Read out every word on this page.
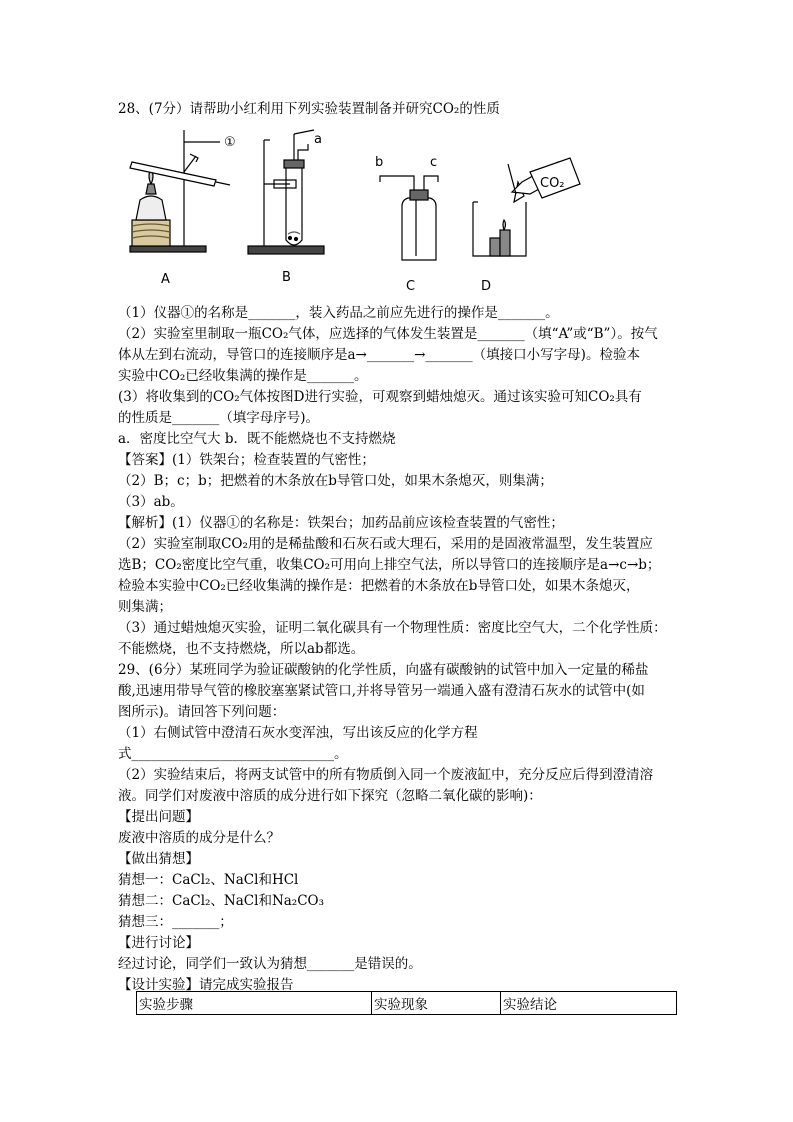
28、(7分）请帮助小红利用下列实验装置制备并研究CO₂的性质
①	a
b	c
CO₂
A	B
C	D
（1）仪器①的名称是_______，装入药品之前应先进行的操作是_______。
（2）实验室里制取一瓶CO₂气体，应选择的气体发生装置是_______（填“A”或“B”）。按气
体从左到右流动，导管口的连接顺序是a→_______→_______（填接口小写字母)。检验本
实验中CO₂已经收集满的操作是_______。
(3）将收集到的CO₂气体按图D进行实验，可观察到蜡烛熄灭。通过该实验可知CO₂具有
的性质是_______（填字母序号)。
a．密度比空气大 b．既不能燃烧也不支持燃烧
【答案】(1）铁架台；检查装置的气密性；
（2）B；c；b；把燃着的木条放在b导管口处，如果木条熄灭，则集满；
（3）ab。
【解析】(1）仪器①的名称是：铁架台；加药品前应该检查装置的气密性；
（2）实验室制取CO₂用的是稀盐酸和石灰石或大理石，采用的是固液常温型，发生装置应
选B；CO₂密度比空气重，收集CO₂可用向上排空气法，所以导管口的连接顺序是a→c→b；
检验本实验中CO₂已经收集满的操作是：把燃着的木条放在b导管口处，如果木条熄灭，
则集满；
（3）通过蜡烛熄灭实验，证明二氧化碳具有一个物理性质：密度比空气大，二个化学性质：
不能燃烧，也不支持燃烧，所以ab都选。
29、(6分）某班同学为验证碳酸钠的化学性质，向盛有碳酸钠的试管中加入一定量的稀盐
酸,迅速用带导气管的橡胶塞塞紧试管口,并将导管另一端通入盛有澄清石灰水的试管中(如
图所示)。请回答下列问题：
（1）右侧试管中澄清石灰水变浑浊，写出该反应的化学方程
式______________________________。
（2）实验结束后，将两支试管中的所有物质倒入同一个废液缸中，充分反应后得到澄清溶
液。同学们对废液中溶质的成分进行如下探究（忽略二氧化碳的影响)：
【提出问题】
废液中溶质的成分是什么？
【做出猜想】
猜想一：CaCl₂、NaCl和HCl
猜想二：CaCl₂、NaCl和Na₂CO₃
猜想三：_______；
【进行讨论】
经过讨论，同学们一致认为猜想_______是错误的。
【设计实验】请完成实验报告
实验步骤	实验现象	实验结论
